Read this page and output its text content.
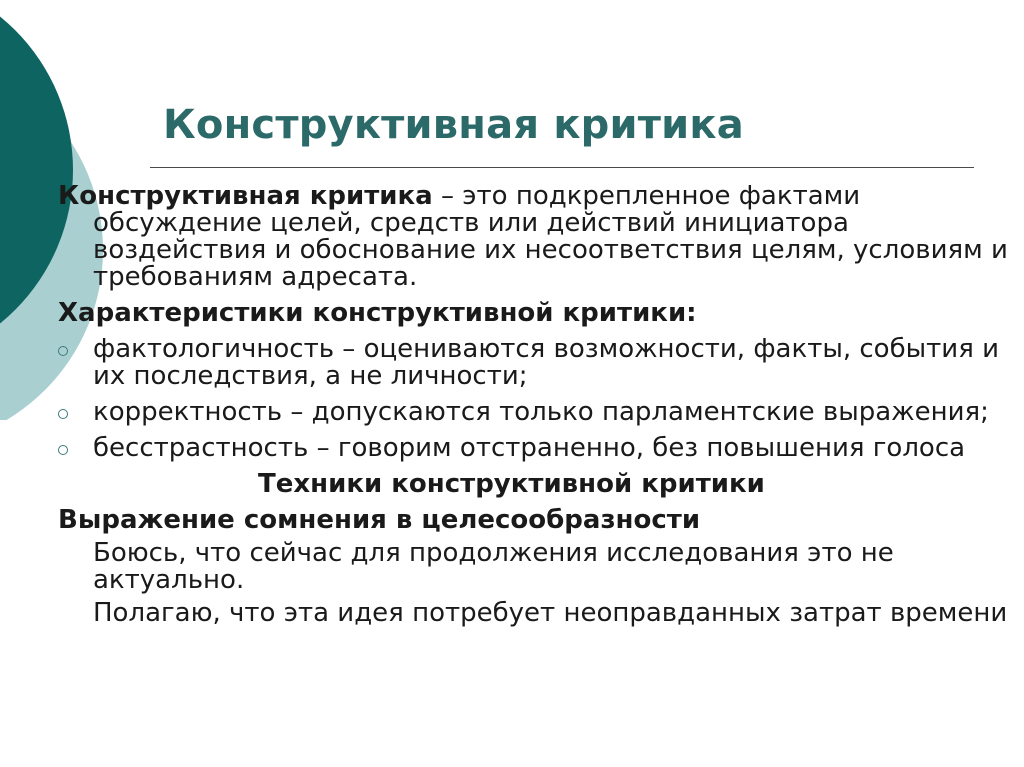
Конструктивная критика
Конструктивная критика – это подкрепленное фактами обсуждение целей, средств или действий инициатора воздействия и обоснование их несоответствия целям, условиям и требованиям адресата.
Характеристики конструктивной критики:
фактологичность – оцениваются возможности, факты, события и их последствия, а не личности;
корректность – допускаются только парламентские выражения;
бесстрастность – говорим отстраненно, без повышения голоса
Техники конструктивной критики
Выражение сомнения в целесообразности
Боюсь, что сейчас для продолжения исследования это не актуально.
Полагаю, что эта идея потребует неоправданных затрат времени
